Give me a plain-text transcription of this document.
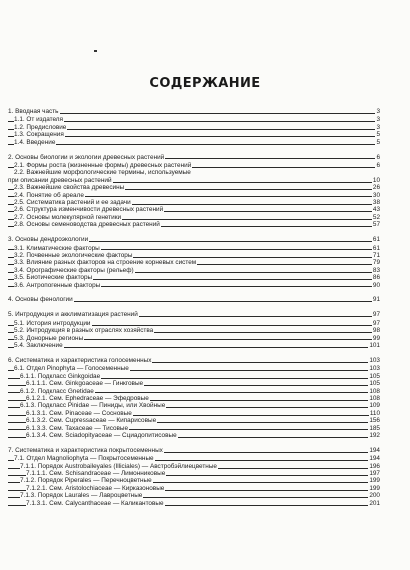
СОДЕРЖАНИЕ
1. Вводная часть	3
1.1. От издателя	3
1.2. Предисловие	3
1.3. Сокращения	5
1.4. Введение	5
2. Основы биологии и экологии древесных растений	6
2.1. Формы роста (жизненные формы) древесных растений	6
2.2. Важнейшие морфологические термины, используемые
при описании древесных растений	10
2.3. Важнейшие свойства древесины	26
2.4. Понятие об ареале	30
2.5. Систематика растений и ее задачи	38
2.6. Структура изменчивости древесных растений	43
2.7. Основы молекулярной генетики	52
2.8. Основы семеноводства древесных растений	57
3. Основы дендроэкологии	61
3.1. Климатические факторы	61
3.2. Почвенные экологические факторы	71
3.3. Влияние разных факторов на строение корневых систем	79
3.4. Орографические факторы (рельеф)	83
3.5. Биотические факторы	86
3.6. Антропогенные факторы	90
4. Основы фенологии	91
5. Интродукция и акклиматизация растений	97
5.1. История интродукции	97
5.2. Интродукция в разных отраслях хозяйства	98
5.3. Донорные регионы	99
5.4. Заключение	101
6. Систематика и характеристика голосеменных	103
6.1. Отдел Pinophyta — Голосеменные	103
6.1.1. Подкласс Ginkgoidae	105
6.1.1.1. Сем. Ginkgoaceae — Гинкговые	105
6.1.2. Подкласс Gnetidae	108
6.1.2.1. Сем. Ephedraceae — Эфедровые	108
6.1.3. Подкласс Pinidae — Пиниды, или Хвойные	109
6.1.3.1. Сем. Pinaceae — Сосновые	110
6.1.3.2. Сем. Cupressaceae — Кипарисовые	156
6.1.3.3. Сем. Taxaceae — Тисовые	185
6.1.3.4. Сем. Sciadopityaceae — Сциадопитисовые	192
7. Систематика и характеристика покрытосеменных	194
7.1. Отдел Magnoliophyta — Покрытосеменные	194
7.1.1. Порядок Austrobaileyales (Illiciales) — Австробэйлиецветные	196
7.1.1.1. Сем. Schisandraceae — Лимонниковые	197
7.1.2. Порядок Piperales — Перечноцветные	199
7.1.2.1. Сем. Aristolochiaceae — Кирказоновые	199
7.1.3. Порядок Laurales — Лавроцветные	200
7.1.3.1. Сем. Calycanthaceae — Каликантовые	201
